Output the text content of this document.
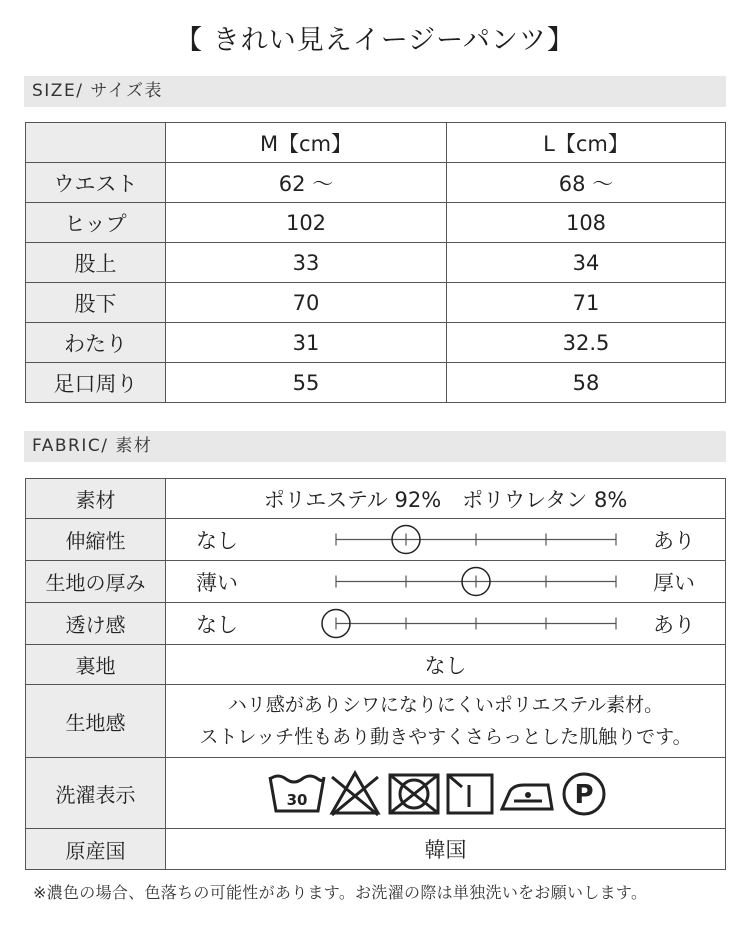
【 きれい見えイージーパンツ】
SIZE/ サイズ表
	M【cm】	L【cm】
ウエスト	62 ～	68 ～
ヒップ	102	108
股上	33	34
股下	70	71
わたり	31	32.5
足口周り	55	58
FABRIC/ 素材
素材	ポリエステル 92%　ポリウレタン 8%
伸縮性	なし あり

生地の厚み	薄い 厚い

透け感	なし あり

裏地	なし
生地感	ハリ感がありシワになりにくいポリエステル素材。
ストレッチ性もあり動きやすくさらっとした肌触りです。

洗濯表示	30 P

原産国	韓国
※濃色の場合、色落ちの可能性があります。お洗濯の際は単独洗いをお願いします。
